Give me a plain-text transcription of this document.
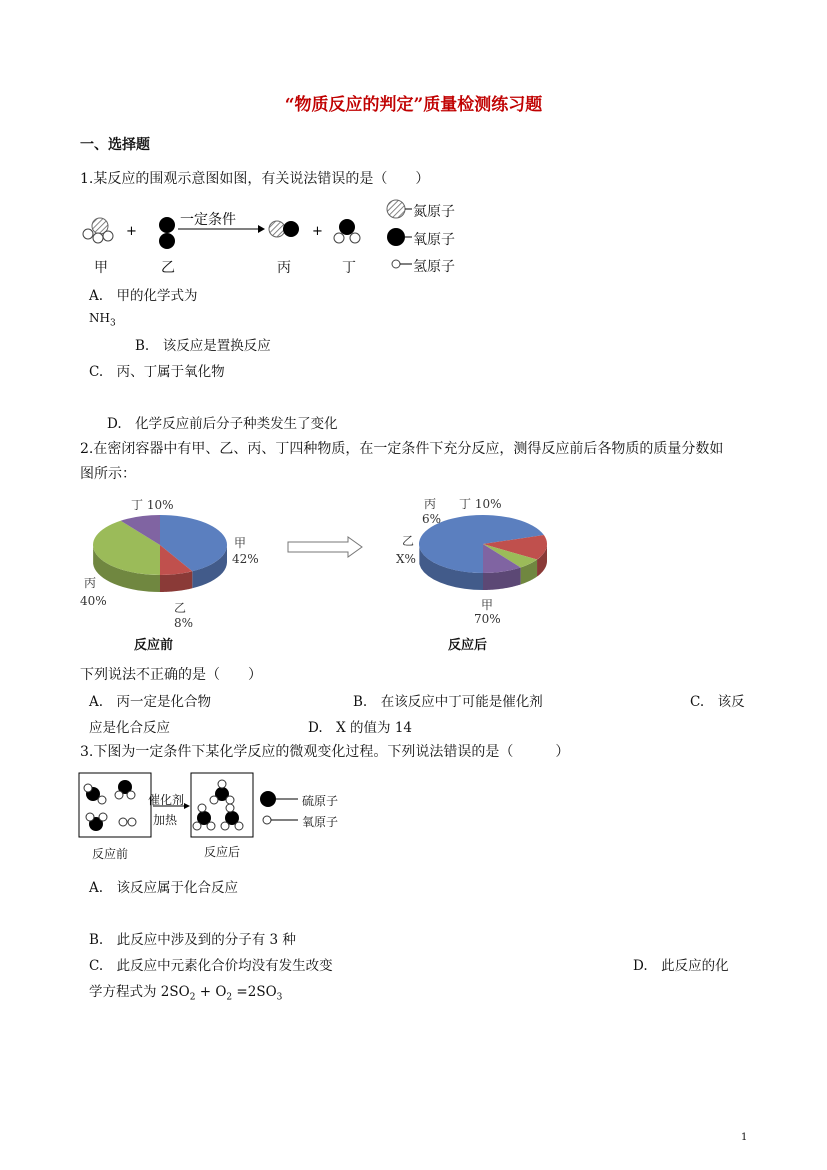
“物质反应的判定”质量检测练习题
一、选择题
1.某反应的围观示意图如图，有关说法错误的是（　　）
+
一定条件
+
氮原子
氧原子
氢原子
甲	乙	丙	丁
A.　甲的化学式为
$NH_3$
B.　该反应是置换反应
C.　丙、丁属于氧化物
D.　化学反应前后分子种类发生了变化
2.在密闭容器中有甲、乙、丙、丁四种物质，在一定条件下充分反应，测得反应前后各物质的质量分数如
图所示：
丁 10%
甲
42%
丙
40%	乙
8%
反应前
丙
6%
丁 10%
乙
X%
甲
70%
反应后
下列说法不正确的是（　　）
A.　丙一定是化合物	B.　在该反应中丁可能是催化剂	C.　该反
应是化合反应	D.　X 的值为 14
3.下图为一定条件下某化学反应的微观变化过程。下列说法错误的是（　　　）
催化剂
加热
硫原子
氧原子
反应前	反应后
A.　该反应属于化合反应
B.　此反应中涉及到的分子有 3 种
C.　此反应中元素化合价均没有发生改变	D.　此反应的化
学方程式为 $2SO_2 + O_2 =2SO_3$
1
